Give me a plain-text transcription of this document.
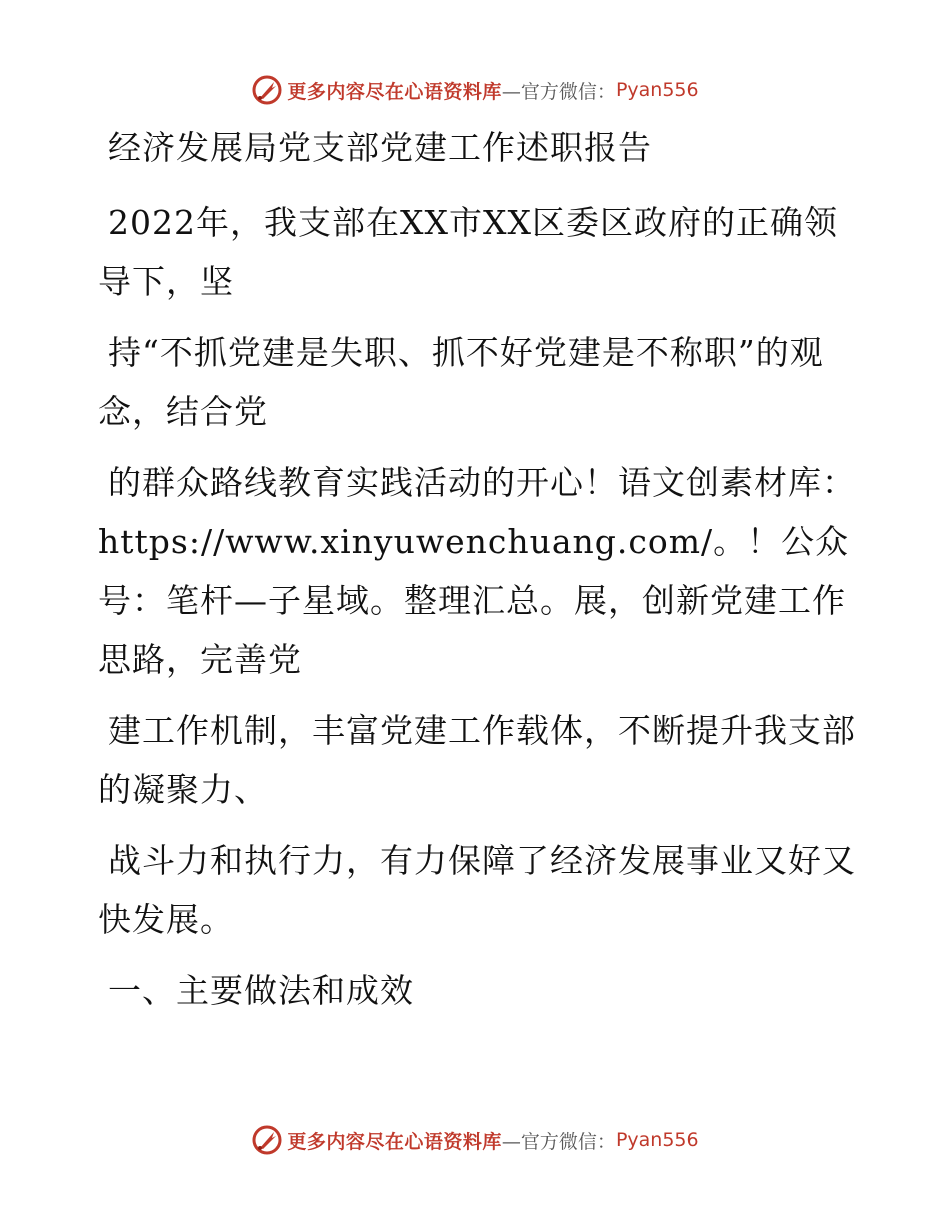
更多内容尽在心语资料库 —官方微信： Pyan556

经济发展局党支部党建工作述职报告

2022年，我支部在XX市XX区委区政府的正确领导下，坚

持“不抓党建是失职、抓不好党建是不称职”的观念，结合党

的群众路线教育实践活动的开心！语文创素材库：https://www.xinyuwenchuang.com/。！公众号：笔杆—子星域。整理汇总。展，创新党建工作思路，完善党

建工作机制，丰富党建工作载体，不断提升我支部的凝聚力、

战斗力和执行力，有力保障了经济发展事业又好又快发展。

一、主要做法和成效

更多内容尽在心语资料库 —官方微信： Pyan556
